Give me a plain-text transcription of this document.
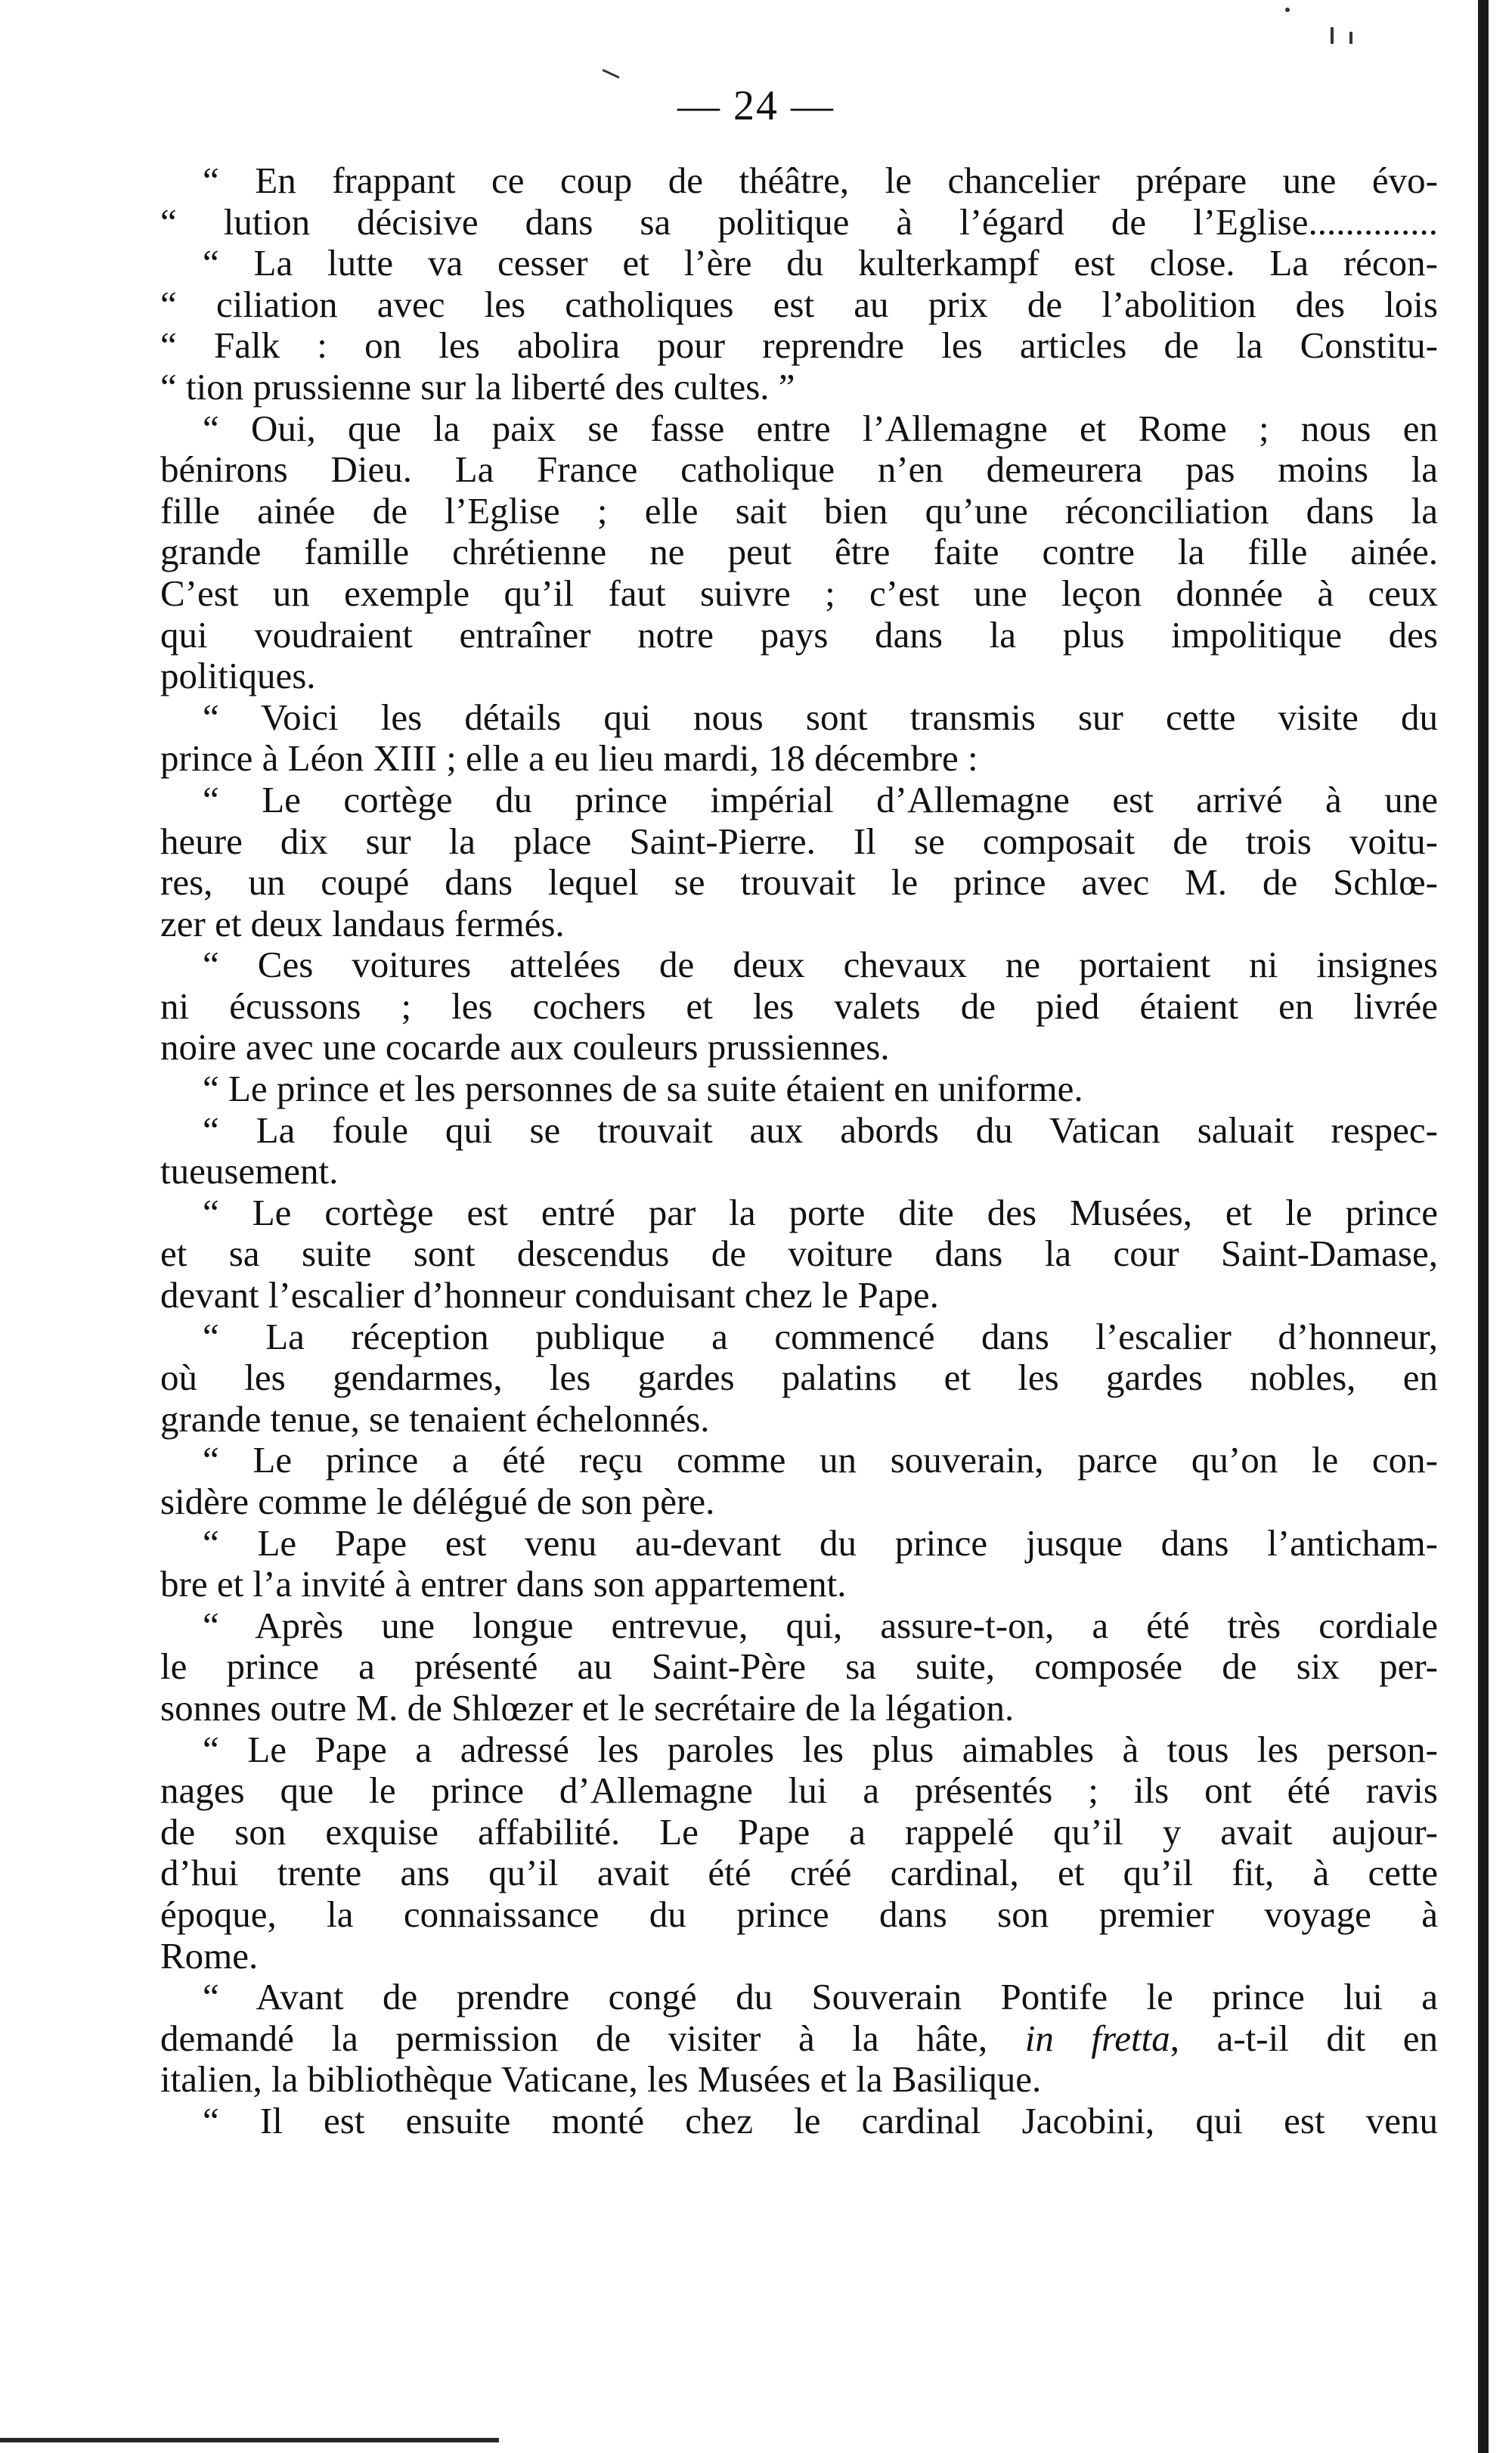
— 24 —
“ En frappant ce coup de théâtre, le chancelier prépare une évo-
“ lution décisive dans sa politique à l’égard de l’Eglise..............
“ La lutte va cesser et l’ère du kulterkampf est close. La récon-
“ ciliation avec les catholiques est au prix de l’abolition des lois
“ Falk : on les abolira pour reprendre les articles de la Constitu-
“ tion prussienne sur la liberté des cultes. ”
“ Oui, que la paix se fasse entre l’Allemagne et Rome ; nous en
bénirons Dieu. La France catholique n’en demeurera pas moins la
fille ainée de l’Eglise ; elle sait bien qu’une réconciliation dans la
grande famille chrétienne ne peut être faite contre la fille ainée.
C’est un exemple qu’il faut suivre ; c’est une leçon donnée à ceux
qui voudraient entraîner notre pays dans la plus impolitique des
politiques.
“ Voici les détails qui nous sont transmis sur cette visite du
prince à Léon XIII ; elle a eu lieu mardi, 18 décembre :
“ Le cortège du prince impérial d’Allemagne est arrivé à une
heure dix sur la place Saint-Pierre. Il se composait de trois voitu-
res, un coupé dans lequel se trouvait le prince avec M. de Schlœ-
zer et deux landaus fermés.
“ Ces voitures attelées de deux chevaux ne portaient ni insignes
ni écussons ; les cochers et les valets de pied étaient en livrée
noire avec une cocarde aux couleurs prussiennes.
“ Le prince et les personnes de sa suite étaient en uniforme.
“ La foule qui se trouvait aux abords du Vatican saluait respec-
tueusement.
“ Le cortège est entré par la porte dite des Musées, et le prince
et sa suite sont descendus de voiture dans la cour Saint-Damase,
devant l’escalier d’honneur conduisant chez le Pape.
“ La réception publique a commencé dans l’escalier d’honneur,
où les gendarmes, les gardes palatins et les gardes nobles, en
grande tenue, se tenaient échelonnés.
“ Le prince a été reçu comme un souverain, parce qu’on le con-
sidère comme le délégué de son père.
“ Le Pape est venu au-devant du prince jusque dans l’anticham-
bre et l’a invité à entrer dans son appartement.
“ Après une longue entrevue, qui, assure-t-on, a été très cordiale
le prince a présenté au Saint-Père sa suite, composée de six per-
sonnes outre M. de Shlœzer et le secrétaire de la légation.
“ Le Pape a adressé les paroles les plus aimables à tous les person-
nages que le prince d’Allemagne lui a présentés ; ils ont été ravis
de son exquise affabilité. Le Pape a rappelé qu’il y avait aujour-
d’hui trente ans qu’il avait été créé cardinal, et qu’il fit, à cette
époque, la connaissance du prince dans son premier voyage à
Rome.
“ Avant de prendre congé du Souverain Pontife le prince lui a
demandé la permission de visiter à la hâte, in fretta, a-t-il dit en
italien, la bibliothèque Vaticane, les Musées et la Basilique.
“ Il est ensuite monté chez le cardinal Jacobini, qui est venu
